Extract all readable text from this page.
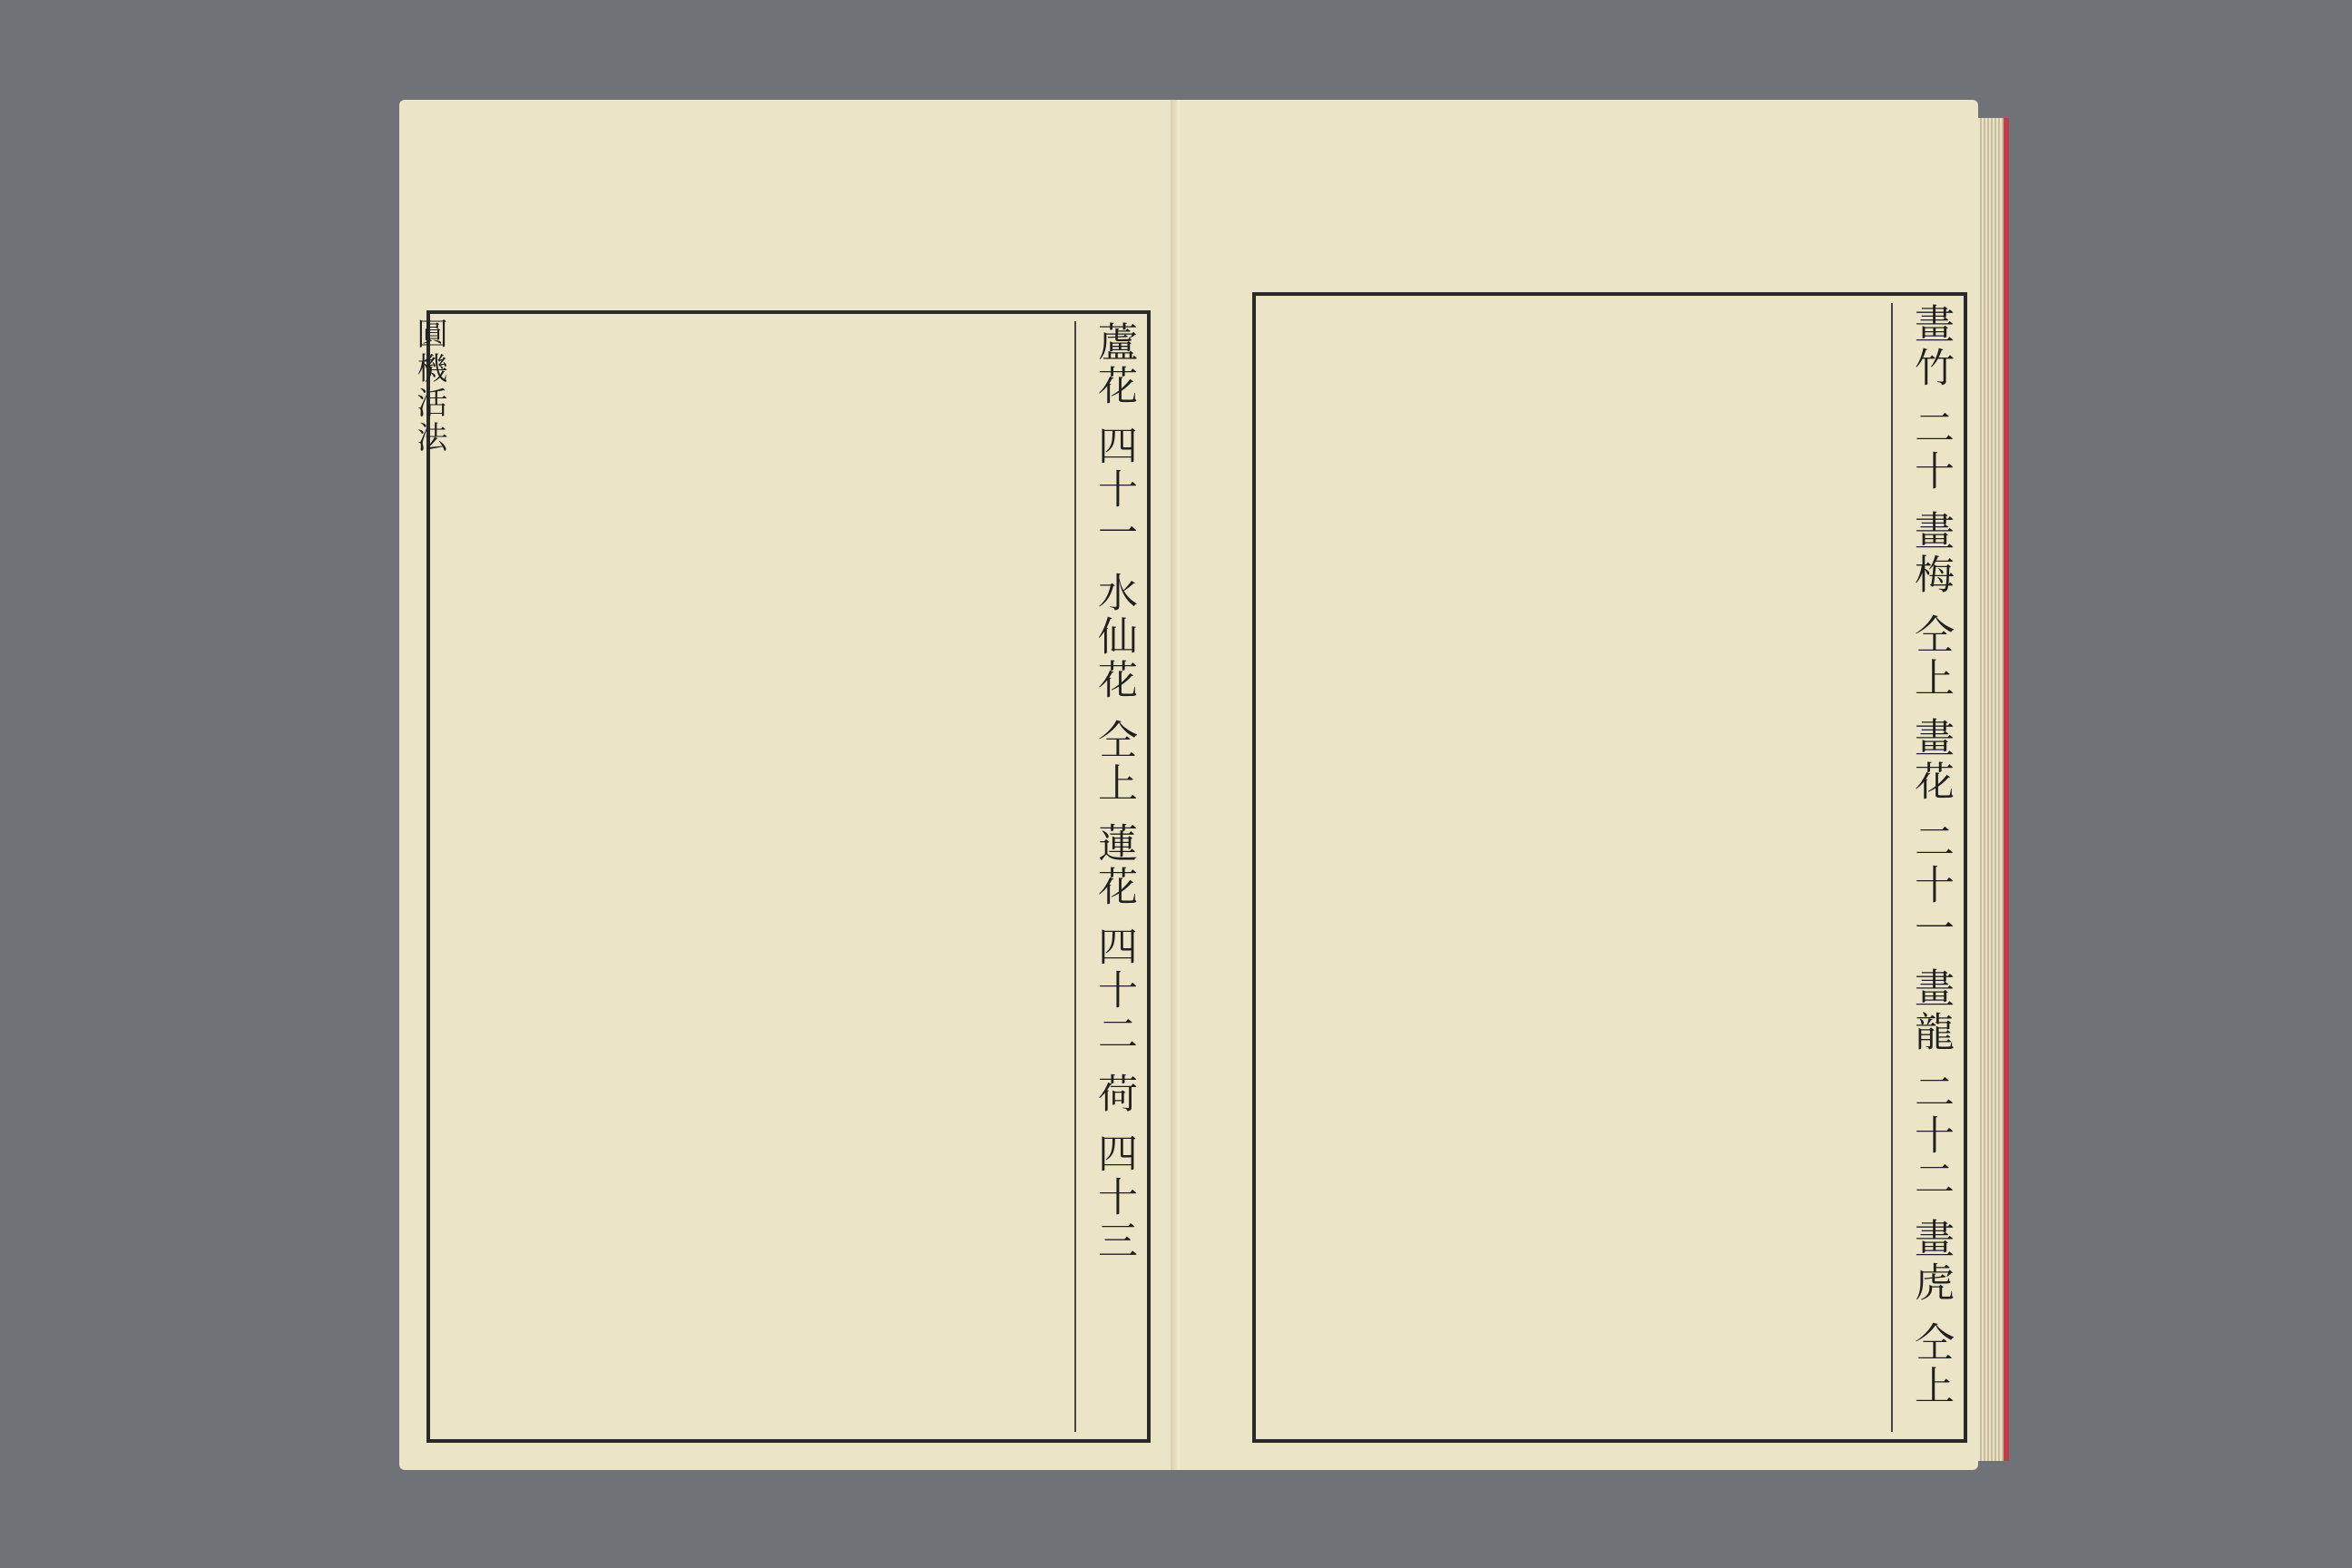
蘆花 四十一 水仙花 仝上 蓮花 四十二 荷 四十三
圓機活法	畫竹 二十 畫梅 仝上 畫花 二十一 畫龍 二十二 畫虎 仝上
